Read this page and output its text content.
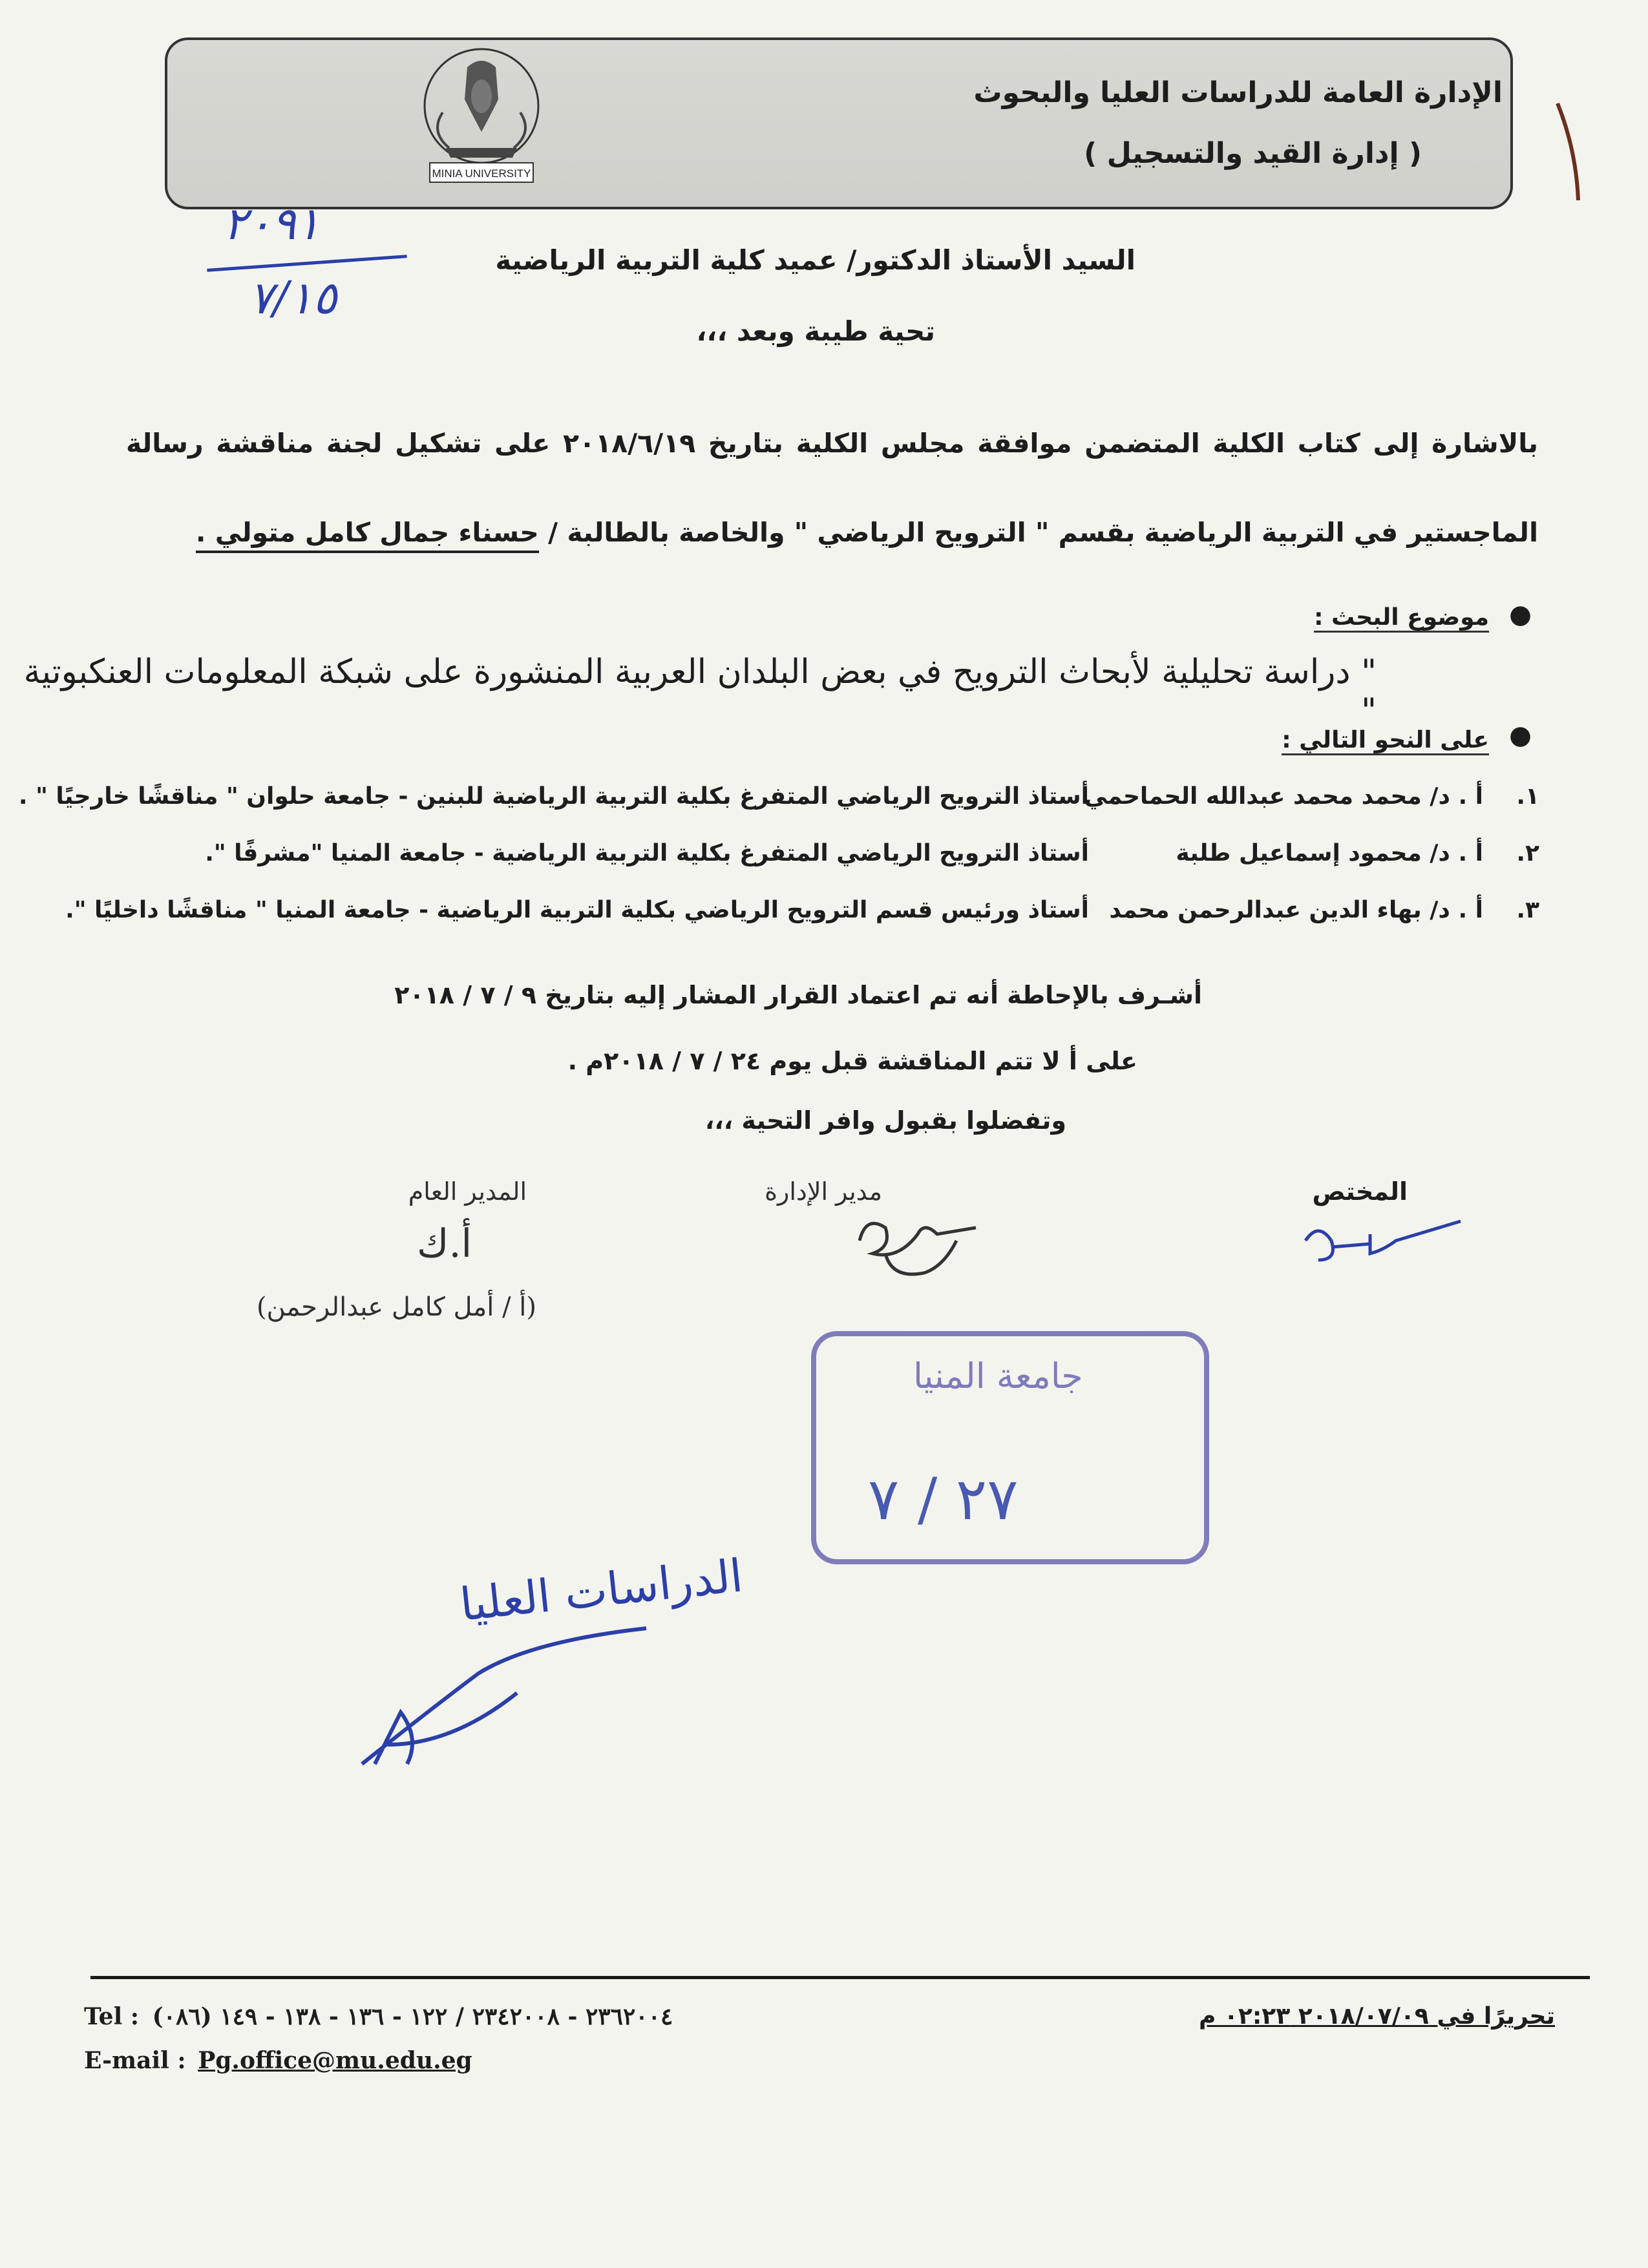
MINIA UNIVERSITY
الإدارة العامة للدراسات العليا والبحوث
( إدارة القيد والتسجيل )
٢٠٩١
٧/١٥
السيد الأستاذ الدكتور/ عميد كلية التربية الرياضية
تحية طيبة وبعد ،،،
بالاشارة إلى كتاب الكلية المتضمن موافقة مجلس الكلية بتاريخ ٢٠١٨/٦/١٩ على تشكيل لجنة مناقشة رسالة
الماجستير في التربية الرياضية بقسم " الترويح الرياضي " والخاصة بالطالبة / حسناء جمال كامل متولي .
●
موضوع البحث :
" دراسة تحليلية لأبحاث الترويح في بعض البلدان العربية المنشورة على شبكة المعلومات العنكبوتية "
●
على النحو التالي :
.١
أ . د/ محمد محمد عبدالله الحماحمي
أستاذ الترويح الرياضي المتفرغ بكلية التربية الرياضية للبنين - جامعة حلوان " مناقشًا خارجيًا " .
.٢
أ . د/ محمود إسماعيل طلبة
أستاذ الترويح الرياضي المتفرغ بكلية التربية الرياضية - جامعة المنيا "مشرفًا ".
.٣
أ . د/ بهاء الدين عبدالرحمن محمد
أستاذ ورئيس قسم الترويح الرياضي بكلية التربية الرياضية - جامعة المنيا " مناقشًا داخليًا ".
أشـرف بالإحاطة أنه تم اعتماد القرار المشار إليه بتاريخ ٩ / ٧ / ٢٠١٨
على أ لا تتم المناقشة قبل يوم ٢٤ / ٧ / ٢٠١٨م .
وتفضلوا بقبول وافر التحية ،،،
المختص
مدير الإدارة
المدير العام
أ.ك
(أ / أمل كامل عبدالرحمن)
جامعة المنيا
٢٧ / ٧
الدراسات العليا
تحريرًا في ٢٠١٨/٠٧/٠٩ ٠٢:٢٣ م
Tel : (٠٨٦) ٢٣٦٢٠٠٤ - ٢٣٤٢٠٠٨ / ١٢٢ - ١٣٦ - ١٣٨ - ١٤٩
E-mail : Pg.office@mu.edu.eg
